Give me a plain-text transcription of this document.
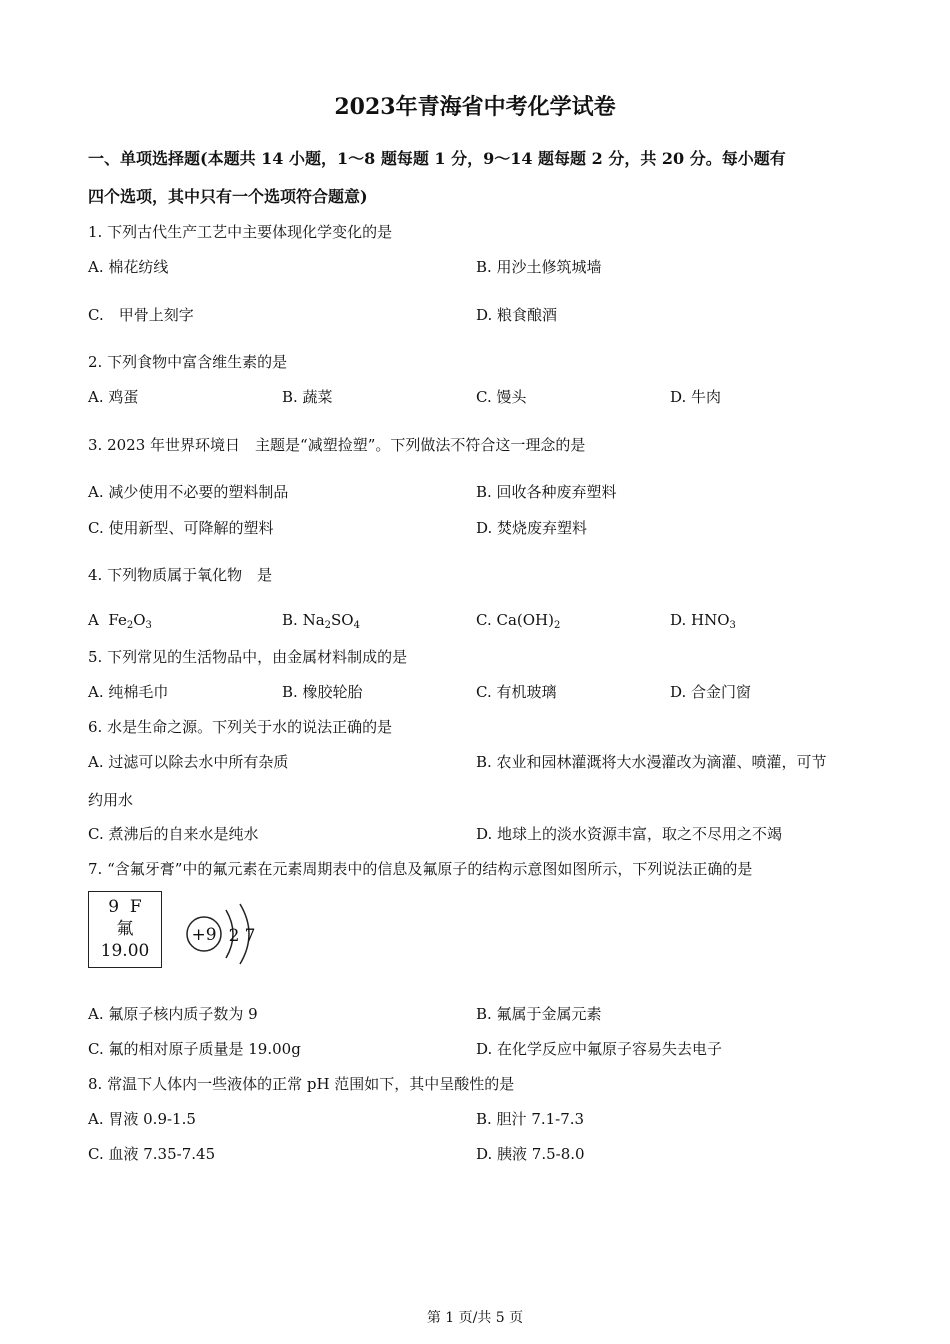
2023年青海省中考化学试卷
一、单项选择题(本题共 14 小题，1～8 题每题 1 分，9～14 题每题 2 分，共 20 分。每小题有
四个选项，其中只有一个选项符合题意)
1. 下列古代生产工艺中主要体现化学变化的是
A. 棉花纺线	B. 用沙土修筑城墙
C.　甲骨上刻字	D. 粮食酿酒
2. 下列食物中富含维生素的是
A. 鸡蛋	B. 蔬菜	C. 馒头	D. 牛肉
3. 2023 年世界环境日　主题是“减塑捡塑”。下列做法不符合这一理念的是
A. 减少使用不必要的塑料制品	B. 回收各种废弃塑料
C. 使用新型、可降解的塑料	D. 焚烧废弃塑料
4. 下列物质属于氧化物　是
A $Fe_2O_3$	B. $Na_2SO_4$	C. $Ca(OH)_2$	D. $HNO_3$
5. 下列常见的生活物品中，由金属材料制成的是
A. 纯棉毛巾	B. 橡胶轮胎	C. 有机玻璃	D. 合金门窗
6. 水是生命之源。下列关于水的说法正确的是
A. 过滤可以除去水中所有杂质	B. 农业和园林灌溉将大水漫灌改为滴灌、喷灌，可节
约用水
C. 煮沸后的自来水是纯水	D. 地球上的淡水资源丰富，取之不尽用之不竭
7. “含氟牙膏”中的氟元素在元素周期表中的信息及氟原子的结构示意图如图所示，下列说法正确的是
9 F
氟
19.00
+9 2 7
A. 氟原子核内质子数为 9	B. 氟属于金属元素
C. 氟的相对原子质量是 19.00g	D. 在化学反应中氟原子容易失去电子
8. 常温下人体内一些液体的正常 pH 范围如下，其中呈酸性的是
A. 胃液 0.9-1.5	B. 胆汁 7.1-7.3
C. 血液 7.35-7.45	D. 胰液 7.5-8.0
第 1 页/共 5 页
